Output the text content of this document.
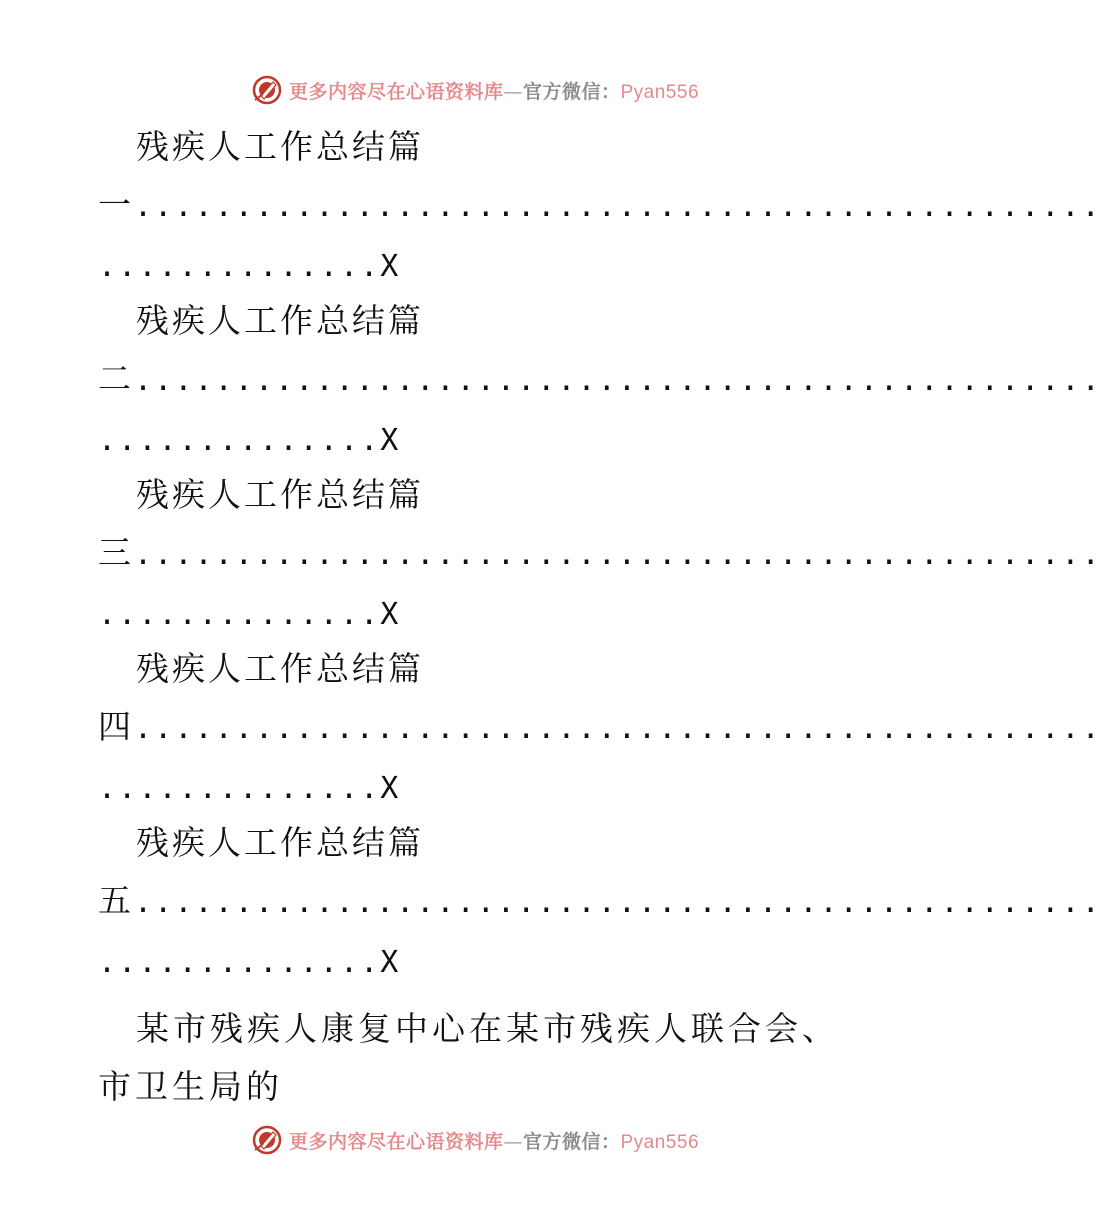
更多内容尽在心语资料库—官方微信：Pyan556
残疾人工作总结篇
一................................................
..............X
残疾人工作总结篇
二................................................
..............X
残疾人工作总结篇
三................................................
..............X
残疾人工作总结篇
四................................................
..............X
残疾人工作总结篇
五................................................
..............X
某市残疾人康复中心在某市残疾人联合会、市卫生局的
更多内容尽在心语资料库—官方微信：Pyan556
